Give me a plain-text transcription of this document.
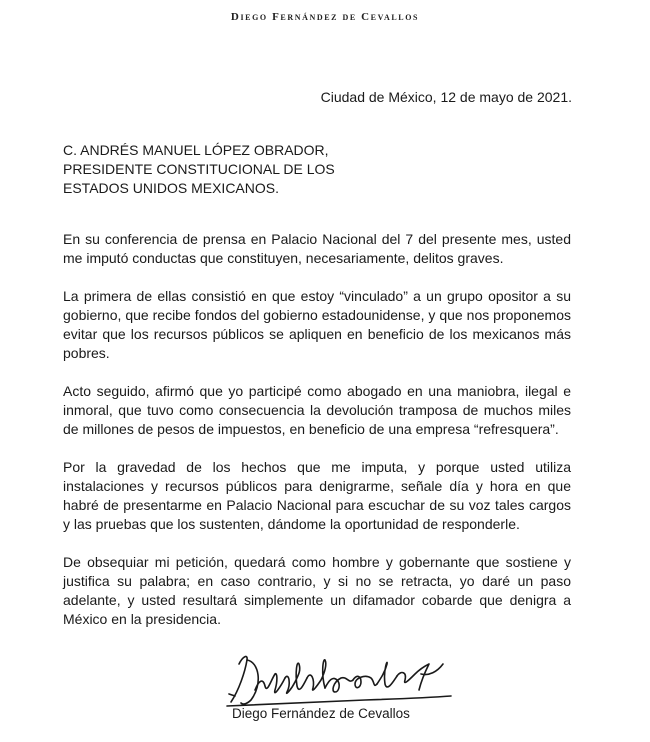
Diego Fernández de Cevallos
Ciudad de México, 12 de mayo de 2021.
C. ANDRÉS MANUEL LÓPEZ OBRADOR,
PRESIDENTE CONSTITUCIONAL DE LOS
ESTADOS UNIDOS MEXICANOS.

En su conferencia de prensa en Palacio Nacional del 7 del presente mes, usted me imputó conductas que constituyen, necesariamente, delitos graves.

La primera de ellas consistió en que estoy “vinculado” a un grupo opositor a su gobierno, que recibe fondos del gobierno estadounidense, y que nos proponemos evitar que los recursos públicos se apliquen en beneficio de los mexicanos más pobres.

Acto seguido, afirmó que yo participé como abogado en una maniobra, ilegal e inmoral, que tuvo como consecuencia la devolución tramposa de muchos miles de millones de pesos de impuestos, en beneficio de una empresa “refresquera”.

Por la gravedad de los hechos que me imputa, y porque usted utiliza instalaciones y recursos públicos para denigrarme, señale día y hora en que habré de presentarme en Palacio Nacional para escuchar de su voz tales cargos y las pruebas que los sustenten, dándome la oportunidad de responderle.

De obsequiar mi petición, quedará como hombre y gobernante que sostiene y justifica su palabra; en caso contrario, y si no se retracta, yo daré un paso adelante, y usted resultará simplemente un difamador cobarde que denigra a México en la presidencia.

Diego Fernández de Cevallos
